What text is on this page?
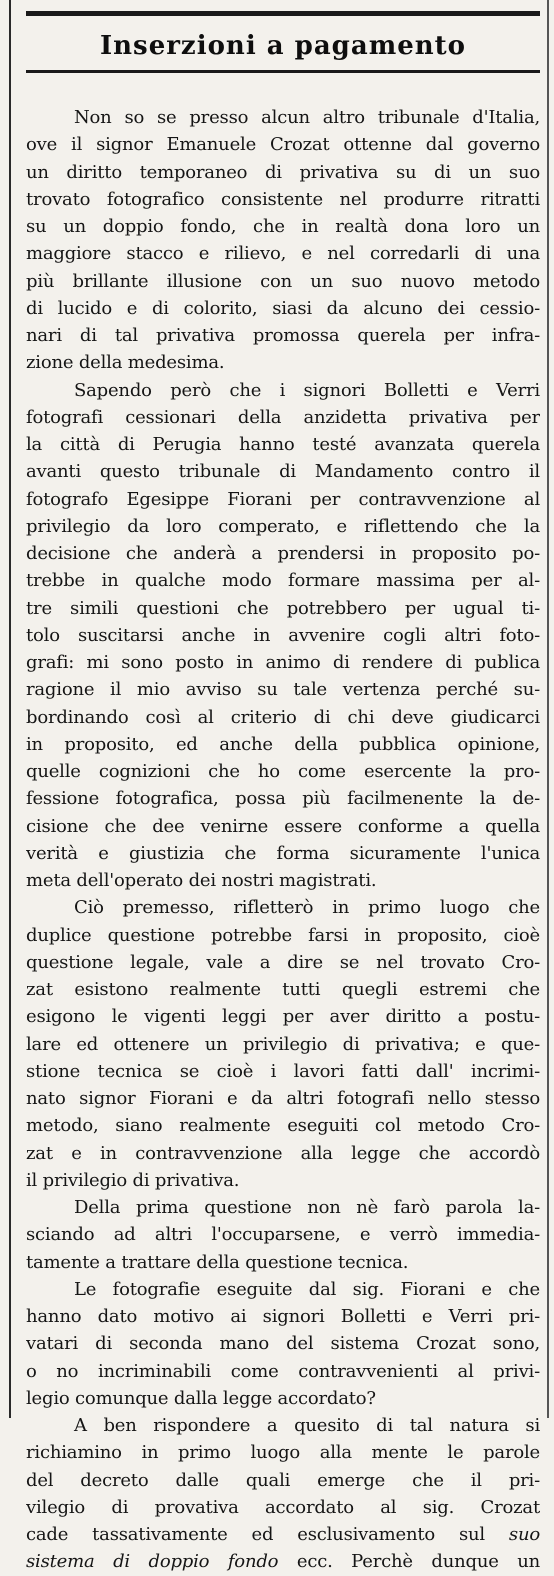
Inserzioni a pagamento
Non so se presso alcun altro tribunale d'Italia,
ove il signor Emanuele Crozat ottenne dal governo
un diritto temporaneo di privativa su di un suo
trovato fotografico consistente nel produrre ritratti
su un doppio fondo, che in realtà dona loro un
maggiore stacco e rilievo, e nel corredarli di una
più brillante illusione con un suo nuovo metodo
di lucido e di colorito, siasi da alcuno dei cessio-
nari di tal privativa promossa querela per infra-
zione della medesima.
Sapendo però che i signori Bolletti e Verri
fotografi cessionari della anzidetta privativa per
la città di Perugia hanno testé avanzata querela
avanti questo tribunale di Mandamento contro il
fotografo Egesippe Fiorani per contravvenzione al
privilegio da loro comperato, e riflettendo che la
decisione che anderà a prendersi in proposito po-
trebbe in qualche modo formare massima per al-
tre simili questioni che potrebbero per ugual ti-
tolo suscitarsi anche in avvenire cogli altri foto-
grafi: mi sono posto in animo di rendere di publica
ragione il mio avviso su tale vertenza perché su-
bordinando così al criterio di chi deve giudicarci
in proposito, ed anche della pubblica opinione,
quelle cognizioni che ho come esercente la pro-
fessione fotografica, possa più facilmenente la de-
cisione che dee venirne essere conforme a quella
verità e giustizia che forma sicuramente l'unica
meta dell'operato dei nostri magistrati.
Ciò premesso, rifletterò in primo luogo che
duplice questione potrebbe farsi in proposito, cioè
questione legale, vale a dire se nel trovato Cro-
zat esistono realmente tutti quegli estremi che
esigono le vigenti leggi per aver diritto a postu-
lare ed ottenere un privilegio di privativa; e que-
stione tecnica se cioè i lavori fatti dall' incrimi-
nato signor Fiorani e da altri fotografi nello stesso
metodo, siano realmente eseguiti col metodo Cro-
zat e in contravvenzione alla legge che accordò
il privilegio di privativa.
Della prima questione non nè farò parola la-
sciando ad altri l'occuparsene, e verrò immedia-
tamente a trattare della questione tecnica.
Le fotografie eseguite dal sig. Fiorani e che
hanno dato motivo ai signori Bolletti e Verri pri-
vatari di seconda mano del sistema Crozat sono,
o no incriminabili come contravvenienti al privi-
legio comunque dalla legge accordato?
A ben rispondere a quesito di tal natura si
richiamino in primo luogo alla mente le parole
del decreto dalle quali emerge che il pri-
vilegio di provativa accordato al sig. Crozat
cade tassativamente ed esclusivamento sul suo
sistema di doppio fondo ecc. Perchè dunque un
